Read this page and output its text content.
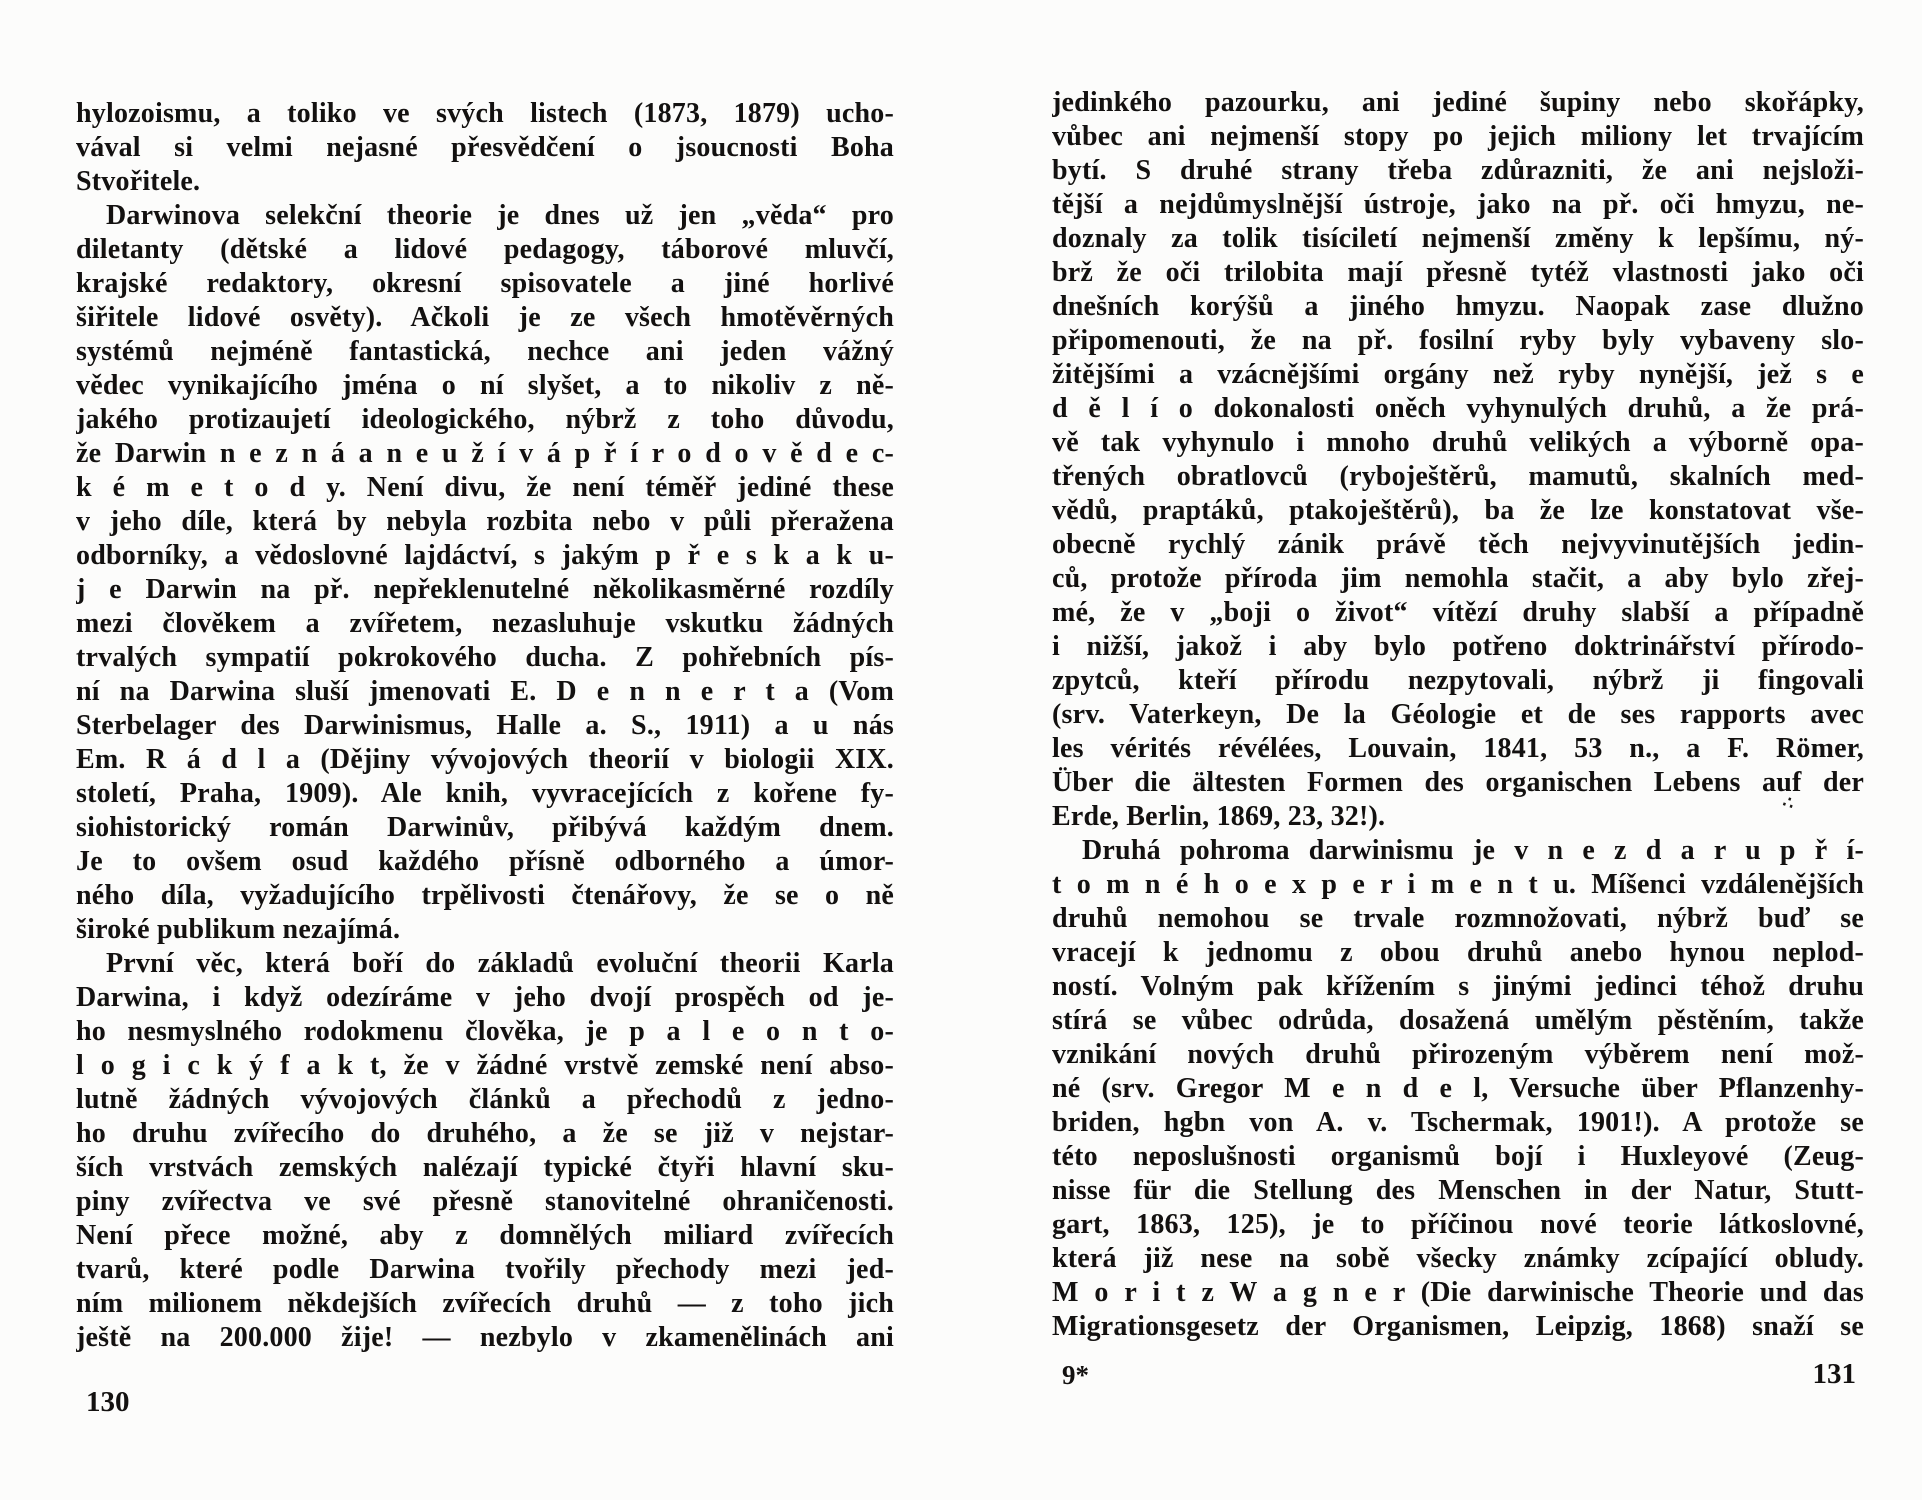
hylozoismu, a toliko ve svých listech (1873, 1879) ucho-
vával si velmi nejasné přesvědčení o jsoucnosti Boha
Stvořitele.
Darwinova selekční theorie je dnes už jen „věda“ pro
diletanty (dětské a lidové pedagogy, táborové mluvčí,
krajské redaktory, okresní spisovatele a jiné horlivé
šiřitele lidové osvěty). Ačkoli je ze všech hmotěvěrných
systémů nejméně fantastická, nechce ani jeden vážný
vědec vynikajícího jména o ní slyšet, a to nikoliv z ně-
jakého protizaujetí ideologického, nýbrž z toho důvodu,
že Darwin n e z n á a n e u ž í v á p ř í r o d o v ě d e c-
k é m e t o d y. Není divu, že není téměř jediné these
v jeho díle, která by nebyla rozbita nebo v půli přeražena
odborníky, a vědoslovné lajdáctví, s jakým p ř e s k a k u-
j e Darwin na př. nepřeklenutelné několikasměrné rozdíly
mezi člověkem a zvířetem, nezasluhuje vskutku žádných
trvalých sympatií pokrokového ducha. Z pohřebních pís-
ní na Darwina sluší jmenovati E. D e n n e r t a (Vom
Sterbelager des Darwinismus, Halle a. S., 1911) a u nás
Em. R á d l a (Dějiny vývojových theorií v biologii XIX.
století, Praha, 1909). Ale knih, vyvracejících z kořene fy-
siohistorický román Darwinův, přibývá každým dnem.
Je to ovšem osud každého přísně odborného a úmor-
ného díla, vyžadujícího trpělivosti čtenářovy, že se o ně
široké publikum nezajímá.
První věc, která boří do základů evoluční theorii Karla
Darwina, i když odezíráme v jeho dvojí prospěch od je-
ho nesmyslného rodokmenu člověka, je p a l e o n t o-
l o g i c k ý f a k t, že v žádné vrstvě zemské není abso-
lutně žádných vývojových článků a přechodů z jedno-
ho druhu zvířecího do druhého, a že se již v nejstar-
ších vrstvách zemských nalézají typické čtyři hlavní sku-
piny zvířectva ve své přesně stanovitelné ohraničenosti.
Není přece možné, aby z domnělých miliard zvířecích
tvarů, které podle Darwina tvořily přechody mezi jed-
ním milionem někdejších zvířecích druhů — z toho jich
ještě na 200.000 žije! — nezbylo v zkamenělinách ani
jedinkého pazourku, ani jediné šupiny nebo skořápky,
vůbec ani nejmenší stopy po jejich miliony let trvajícím
bytí. S druhé strany třeba zdůrazniti, že ani nejsloži-
tější a nejdůmyslnější ústroje, jako na př. oči hmyzu, ne-
doznaly za tolik tisíciletí nejmenší změny k lepšímu, ný-
brž že oči trilobita mají přesně tytéž vlastnosti jako oči
dnešních korýšů a jiného hmyzu. Naopak zase dlužno
připomenouti, že na př. fosilní ryby byly vybaveny slo-
žitějšími a vzácnějšími orgány než ryby nynější, jež s e
d ě l í o dokonalosti oněch vyhynulých druhů, a že prá-
vě tak vyhynulo i mnoho druhů velikých a výborně opa-
třených obratlovců (ryboještěrů, mamutů, skalních med-
vědů, praptáků, ptakoještěrů), ba že lze konstatovat vše-
obecně rychlý zánik právě těch nejvyvinutějších jedin-
ců, protože příroda jim nemohla stačit, a aby bylo zřej-
mé, že v „boji o život“ vítězí druhy slabší a případně
i nižší, jakož i aby bylo potřeno doktrinářství přírodo-
zpytců, kteří přírodu nezpytovali, nýbrž ji fingovali
(srv. Vaterkeyn, De la Géologie et de ses rapports avec
les vérités révélées, Louvain, 1841, 53 n., a F. Römer,
Über die ältesten Formen des organischen Lebens auf der
Erde, Berlin, 1869, 23, 32!).
Druhá pohroma darwinismu je v n e z d a r u p ř í-
t o m n é h o e x p e r i m e n t u. Míšenci vzdálenějších
druhů nemohou se trvale rozmnožovati, nýbrž buď se
vracejí k jednomu z obou druhů anebo hynou neplod-
ností. Volným pak křížením s jinými jedinci téhož druhu
stírá se vůbec odrůda, dosažená umělým pěstěním, takže
vznikání nových druhů přirozeným výběrem není mož-
né (srv. Gregor M e n d e l, Versuche über Pflanzenhy-
briden, hgbn von A. v. Tschermak, 1901!). A protože se
této neposlušnosti organismů bojí i Huxleyové (Zeug-
nisse für die Stellung des Menschen in der Natur, Stutt-
gart, 1863, 125), je to příčinou nové teorie látkoslovné,
která již nese na sobě všecky známky zcípající obludy.
M o r i t z W a g n e r (Die darwinische Theorie und das
Migrationsgesetz der Organismen, Leipzig, 1868) snaží se
∴
130
9*	131
